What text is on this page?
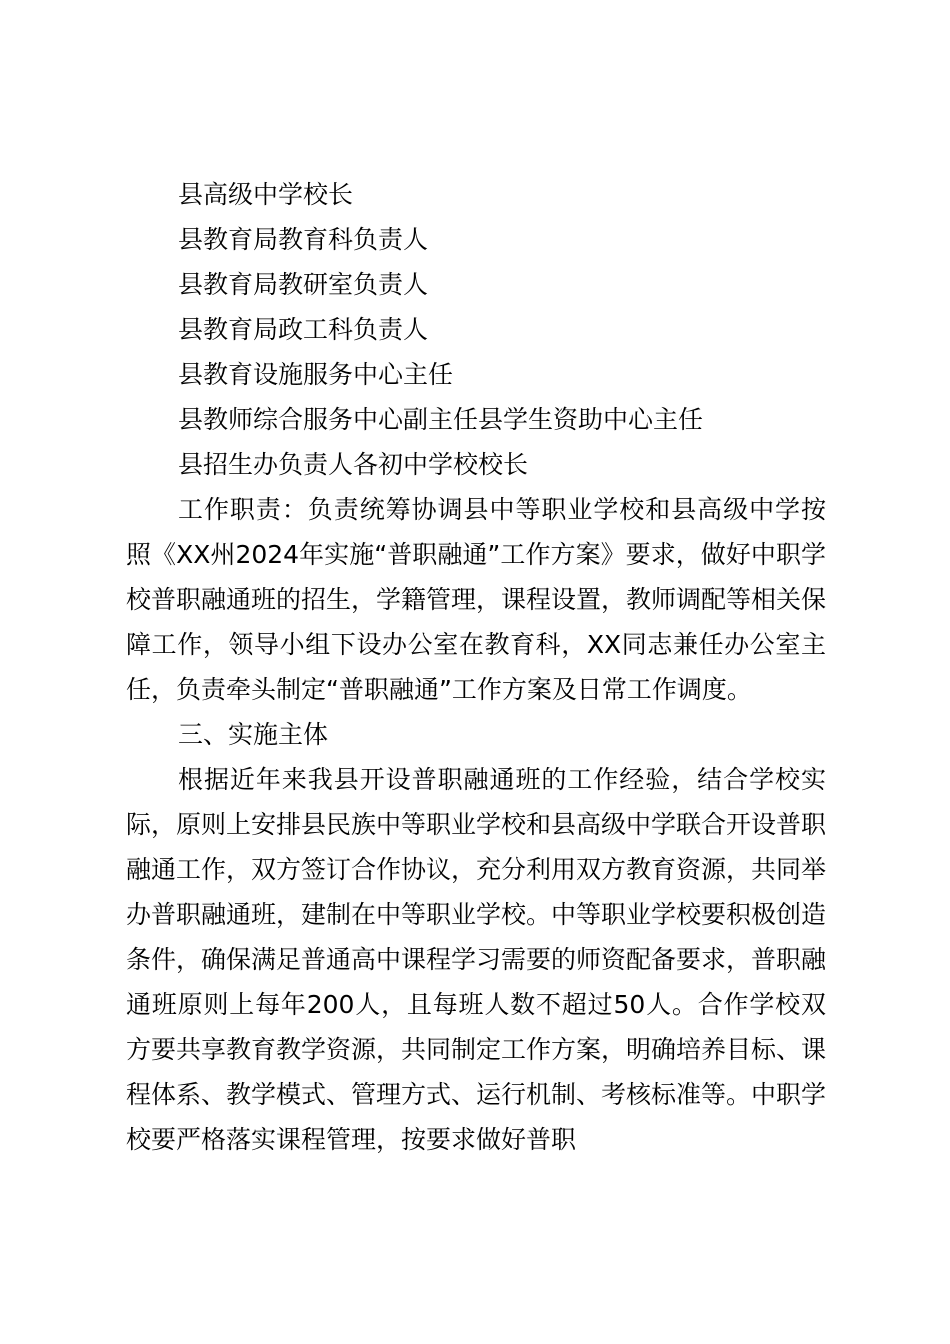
县高级中学校长

县教育局教育科负责人

县教育局教研室负责人

县教育局政工科负责人

县教育设施服务中心主任

县教师综合服务中心副主任县学生资助中心主任

县招生办负责人各初中学校校长

工作职责：负责统筹协调县中等职业学校和县高级中学按照《XX州2024年实施“普职融通”工作方案》要求，做好中职学校普职融通班的招生，学籍管理，课程设置，教师调配等相关保障工作，领导小组下设办公室在教育科，XX同志兼任办公室主任，负责牵头制定“普职融通”工作方案及日常工作调度。

三、实施主体

根据近年来我县开设普职融通班的工作经验，结合学校实际，原则上安排县民族中等职业学校和县高级中学联合开设普职融通工作，双方签订合作协议，充分利用双方教育资源，共同举办普职融通班，建制在中等职业学校。中等职业学校要积极创造条件，确保满足普通高中课程学习需要的师资配备要求，普职融通班原则上每年200人，且每班人数不超过50人。合作学校双方要共享教育教学资源，共同制定工作方案，明确培养目标、课程体系、教学模式、管理方式、运行机制、考核标准等。中职学校要严格落实课程管理，按要求做好普职
